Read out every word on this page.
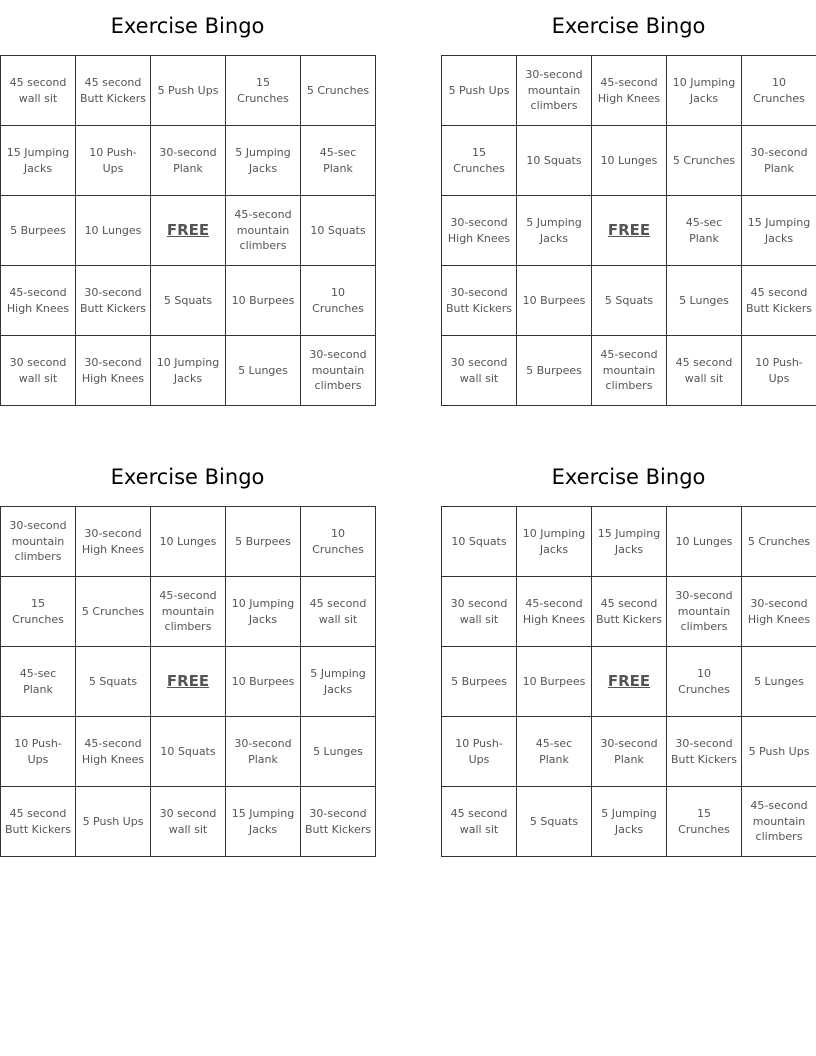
Exercise Bingo
45 second wall sit	45 second Butt Kickers	5 Push Ups	15 Crunches	5 Crunches
15 Jumping Jacks	10 Push-Ups	30-second Plank	5 Jumping Jacks	45-sec Plank
5 Burpees	10 Lunges	FREE	45-second mountain climbers	10 Squats
45-second High Knees	30-second Butt Kickers	5 Squats	10 Burpees	10 Crunches
30 second wall sit	30-second High Knees	10 Jumping Jacks	5 Lunges	30-second mountain climbers
Exercise Bingo
5 Push Ups	30-second mountain climbers	45-second High Knees	10 Jumping Jacks	10 Crunches
15 Crunches	10 Squats	10 Lunges	5 Crunches	30-second Plank
30-second High Knees	5 Jumping Jacks	FREE	45-sec Plank	15 Jumping Jacks
30-second Butt Kickers	10 Burpees	5 Squats	5 Lunges	45 second Butt Kickers
30 second wall sit	5 Burpees	45-second mountain climbers	45 second wall sit	10 Push-Ups
Exercise Bingo
30-second mountain climbers	30-second High Knees	10 Lunges	5 Burpees	10 Crunches
15 Crunches	5 Crunches	45-second mountain climbers	10 Jumping Jacks	45 second wall sit
45-sec Plank	5 Squats	FREE	10 Burpees	5 Jumping Jacks
10 Push-Ups	45-second High Knees	10 Squats	30-second Plank	5 Lunges
45 second Butt Kickers	5 Push Ups	30 second wall sit	15 Jumping Jacks	30-second Butt Kickers
Exercise Bingo
10 Squats	10 Jumping Jacks	15 Jumping Jacks	10 Lunges	5 Crunches
30 second wall sit	45-second High Knees	45 second Butt Kickers	30-second mountain climbers	30-second High Knees
5 Burpees	10 Burpees	FREE	10 Crunches	5 Lunges
10 Push-Ups	45-sec Plank	30-second Plank	30-second Butt Kickers	5 Push Ups
45 second wall sit	5 Squats	5 Jumping Jacks	15 Crunches	45-second mountain climbers
